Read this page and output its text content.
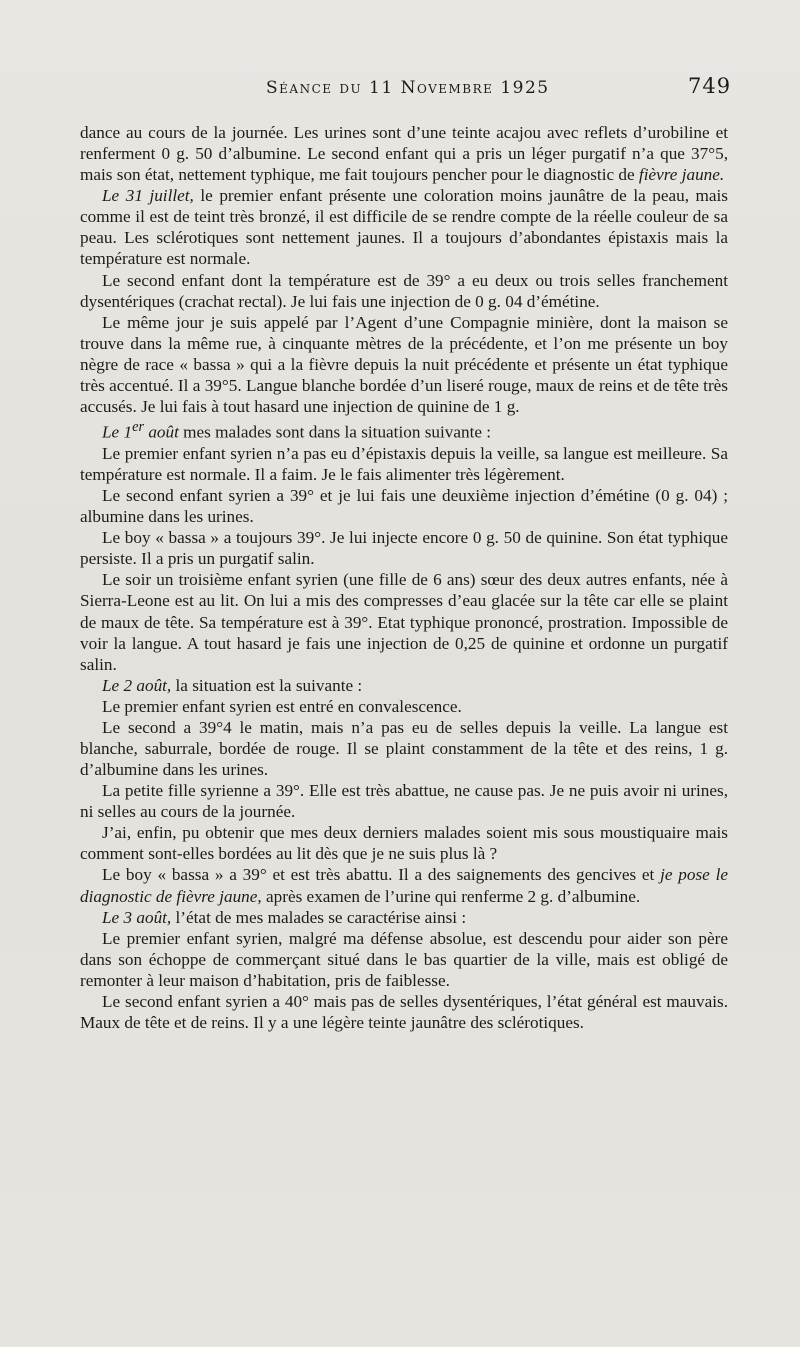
Séance du 11 Novembre 1925	749

dance au cours de la journée. Les urines sont d’une teinte acajou avec reflets d’urobiline et renferment 0 g. 50 d’albumine. Le second enfant qui a pris un léger purgatif n’a que 37°5, mais son état, nettement typhique, me fait toujours pencher pour le diagnostic de fièvre jaune.

Le 31 juillet, le premier enfant présente une coloration moins jaunâtre de la peau, mais comme il est de teint très bronzé, il est difficile de se rendre compte de la réelle couleur de sa peau. Les sclérotiques sont nettement jaunes. Il a toujours d’abondantes épistaxis mais la température est normale.

Le second enfant dont la température est de 39° a eu deux ou trois selles franchement dysentériques (crachat rectal). Je lui fais une injection de 0 g. 04 d’émétine.

Le même jour je suis appelé par l’Agent d’une Compagnie minière, dont la maison se trouve dans la même rue, à cinquante mètres de la précédente, et l’on me présente un boy nègre de race « bassa » qui a la fièvre depuis la nuit précédente et présente un état typhique très accentué. Il a 39°5. Langue blanche bordée d’un liseré rouge, maux de reins et de tête très accusés. Je lui fais à tout hasard une injection de quinine de 1 g.

Le 1er août mes malades sont dans la situation suivante :

Le premier enfant syrien n’a pas eu d’épistaxis depuis la veille, sa langue est meilleure. Sa température est normale. Il a faim. Je le fais alimenter très légèrement.

Le second enfant syrien a 39° et je lui fais une deuxième injection d’émétine (0 g. 04) ; albumine dans les urines.

Le boy « bassa » a toujours 39°. Je lui injecte encore 0 g. 50 de quinine. Son état typhique persiste. Il a pris un purgatif salin.

Le soir un troisième enfant syrien (une fille de 6 ans) sœur des deux autres enfants, née à Sierra-Leone est au lit. On lui a mis des compresses d’eau glacée sur la tête car elle se plaint de maux de tête. Sa température est à 39°. Etat typhique prononcé, prostration. Impossible de voir la langue. A tout hasard je fais une injection de 0,25 de quinine et ordonne un purgatif salin.

Le 2 août, la situation est la suivante :

Le premier enfant syrien est entré en convalescence.

Le second a 39°4 le matin, mais n’a pas eu de selles depuis la veille. La langue est blanche, saburrale, bordée de rouge. Il se plaint constamment de la tête et des reins, 1 g. d’albumine dans les urines.

La petite fille syrienne a 39°. Elle est très abattue, ne cause pas. Je ne puis avoir ni urines, ni selles au cours de la journée.

J’ai, enfin, pu obtenir que mes deux derniers malades soient mis sous moustiquaire mais comment sont-elles bordées au lit dès que je ne suis plus là ?

Le boy « bassa » a 39° et est très abattu. Il a des saignements des gencives et je pose le diagnostic de fièvre jaune, après examen de l’urine qui renferme 2 g. d’albumine.

Le 3 août, l’état de mes malades se caractérise ainsi :

Le premier enfant syrien, malgré ma défense absolue, est descendu pour aider son père dans son échoppe de commerçant situé dans le bas quartier de la ville, mais est obligé de remonter à leur maison d’habitation, pris de faiblesse.

Le second enfant syrien a 40° mais pas de selles dysentériques, l’état général est mauvais. Maux de tête et de reins. Il y a une légère teinte jaunâtre des sclérotiques.
